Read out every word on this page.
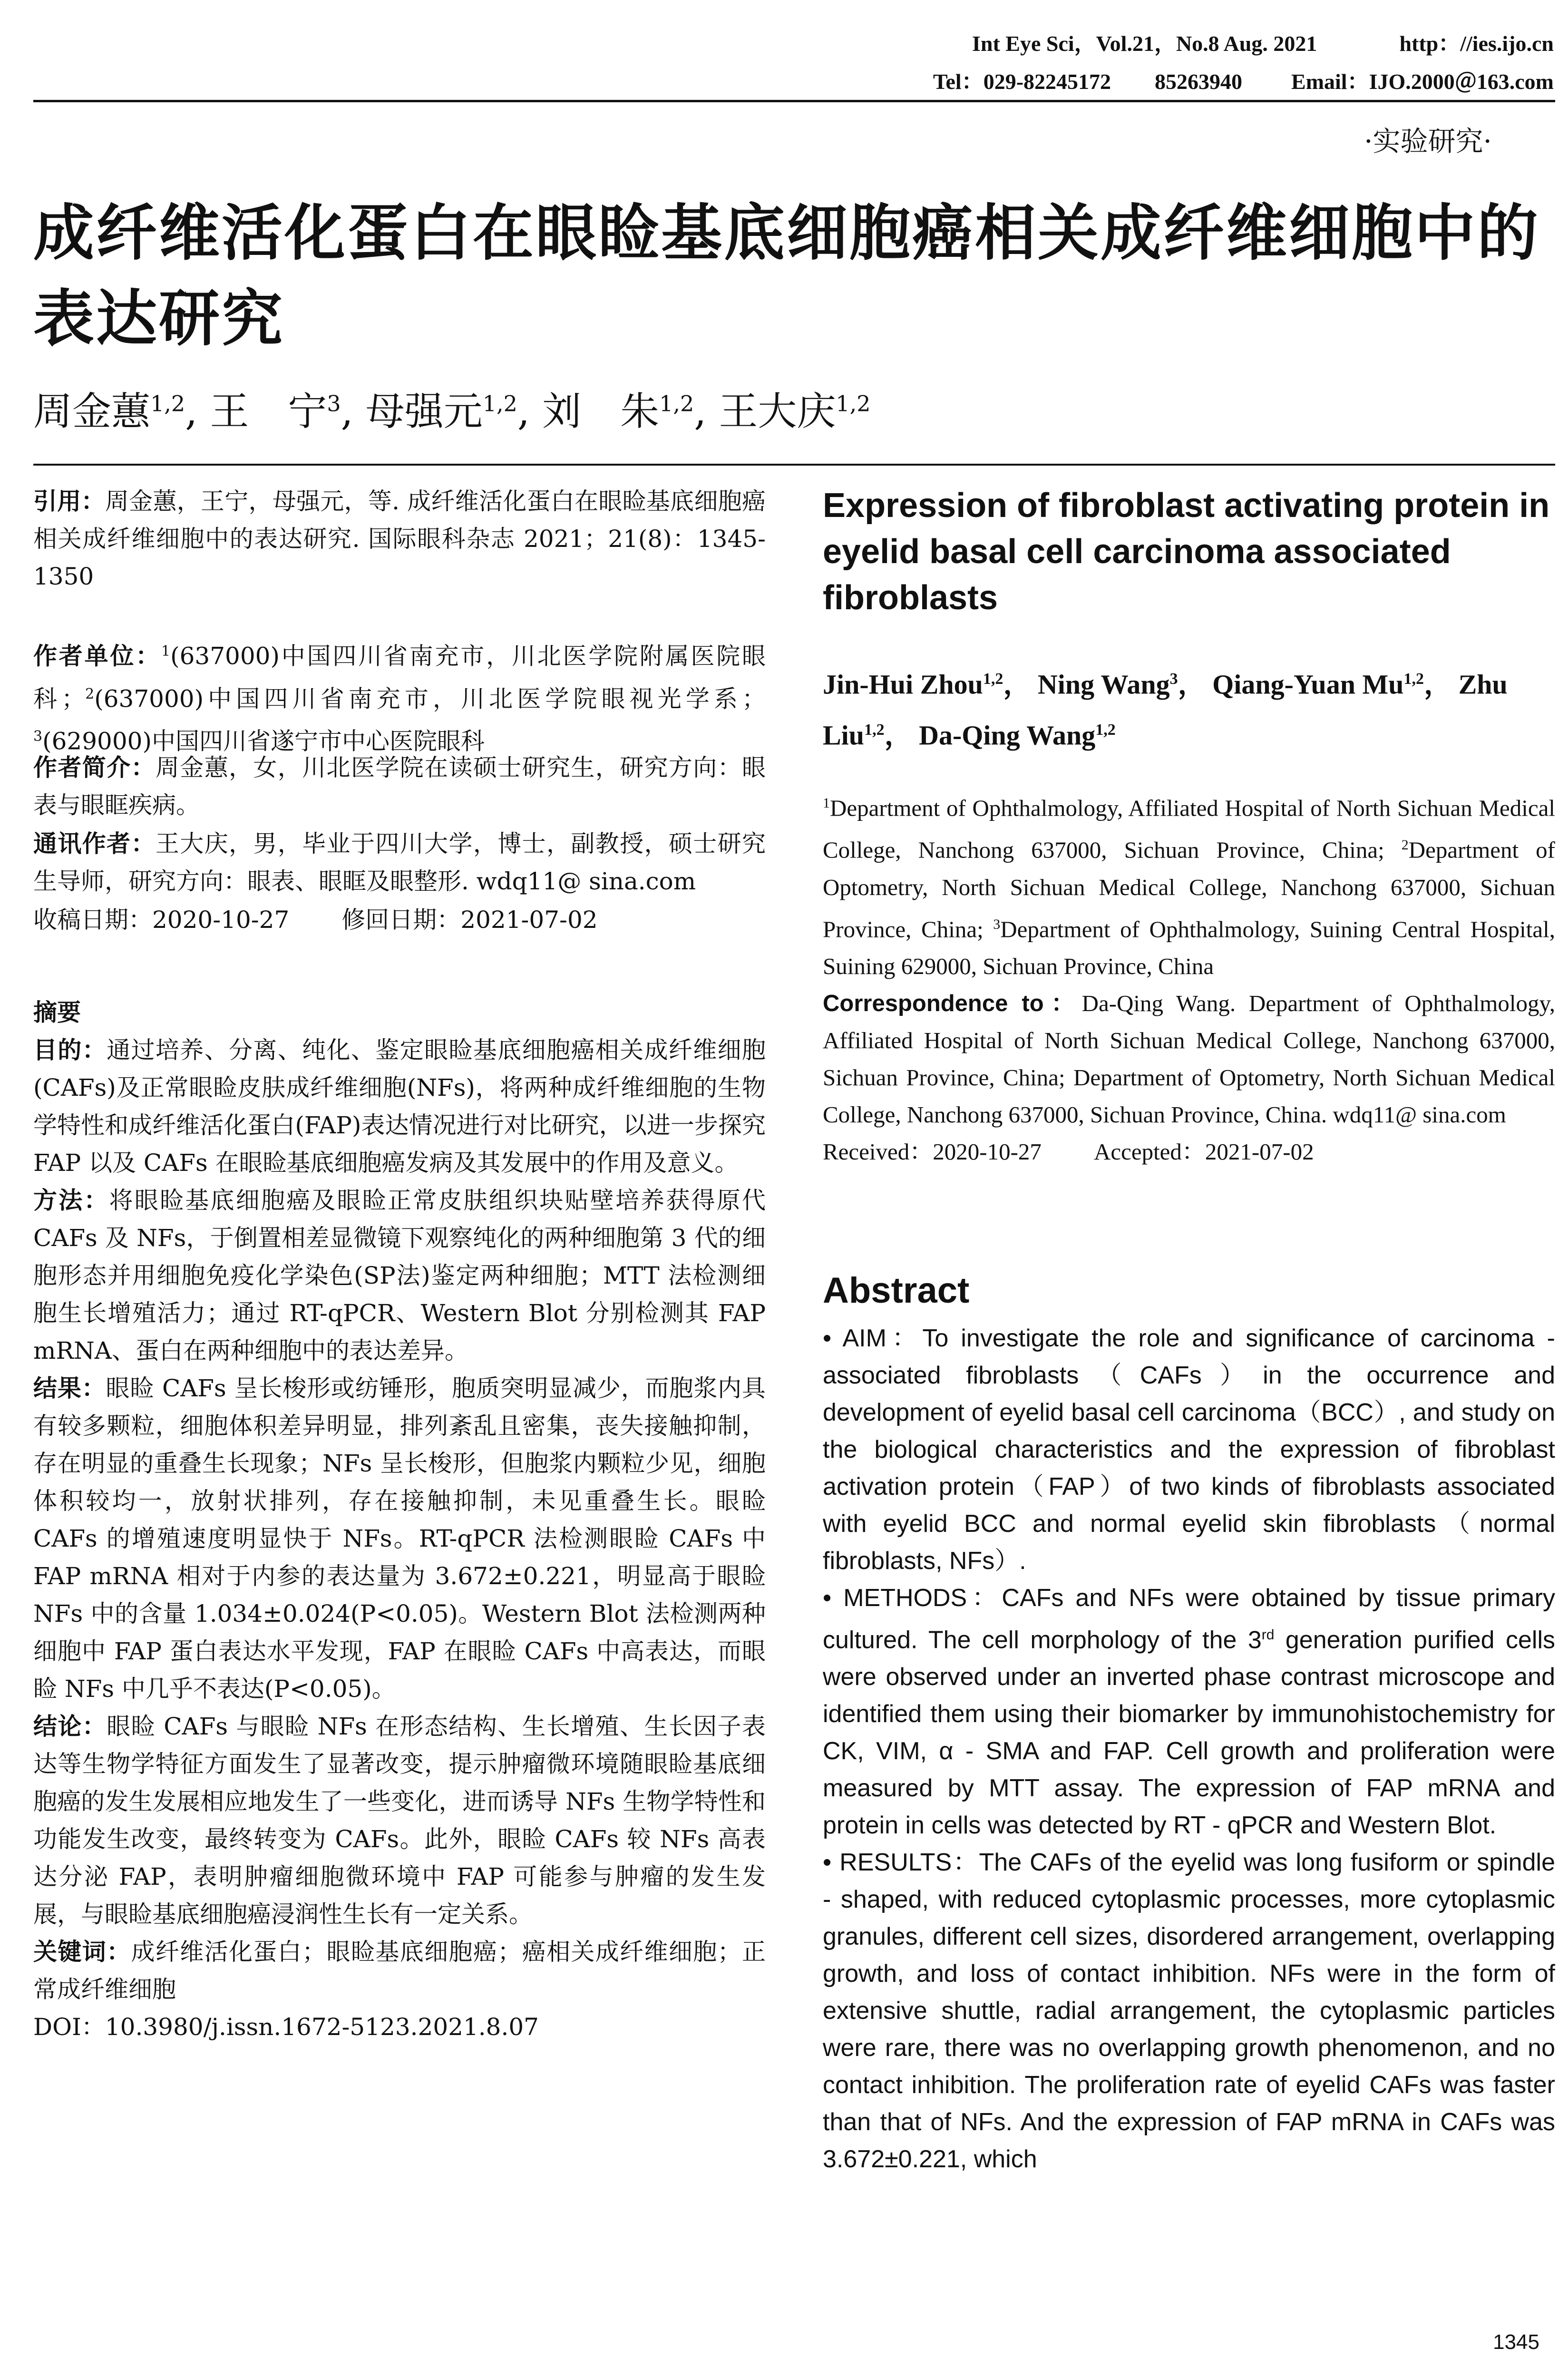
Int Eye Sci，Vol.21，No.8 Aug. 2021	http：//ies.ijo.cn
Tel：029-82245172　　85263940 Email：IJO.2000＠163.com
·实验研究·
成纤维活化蛋白在眼睑基底细胞癌相关成纤维细胞中的表达研究
周金蕙$^{1,2}$, 王　宁$^3$, 母强元$^{1,2}$, 刘　朱$^{1,2}$, 王大庆$^{1,2}$
引用：周金蕙，王宁，母强元，等. 成纤维活化蛋白在眼睑基底细胞癌相关成纤维细胞中的表达研究. 国际眼科杂志 2021；21(8)：1345-1350
作者单位：$^1$(637000)中国四川省南充市，川北医学院附属医院眼科；$^2$(637000)中国四川省南充市，川北医学院眼视光学系；$^3$(629000)中国四川省遂宁市中心医院眼科
作者简介：周金蕙，女，川北医学院在读硕士研究生，研究方向：眼表与眼眶疾病。
通讯作者：王大庆，男，毕业于四川大学，博士，副教授，硕士研究生导师，研究方向：眼表、眼眶及眼整形. wdq11@ sina.com
收稿日期：2020-10-27 修回日期：2021-07-02
摘要

目的：通过培养、分离、纯化、鉴定眼睑基底细胞癌相关成纤维细胞(CAFs)及正常眼睑皮肤成纤维细胞(NFs)，将两种成纤维细胞的生物学特性和成纤维活化蛋白(FAP)表达情况进行对比研究，以进一步探究 FAP 以及 CAFs 在眼睑基底细胞癌发病及其发展中的作用及意义。

方法：将眼睑基底细胞癌及眼睑正常皮肤组织块贴壁培养获得原代 CAFs 及 NFs，于倒置相差显微镜下观察纯化的两种细胞第 3 代的细胞形态并用细胞免疫化学染色(SP法)鉴定两种细胞；MTT 法检测细胞生长增殖活力；通过 RT-qPCR、Western Blot 分别检测其 FAP mRNA、蛋白在两种细胞中的表达差异。

结果：眼睑 CAFs 呈长梭形或纺锤形，胞质突明显减少，而胞浆内具有较多颗粒，细胞体积差异明显，排列紊乱且密集，丧失接触抑制，存在明显的重叠生长现象；NFs 呈长梭形，但胞浆内颗粒少见，细胞体积较均一，放射状排列，存在接触抑制，未见重叠生长。眼睑 CAFs 的增殖速度明显快于 NFs。RT-qPCR 法检测眼睑 CAFs 中 FAP mRNA 相对于内参的表达量为 3.672±0.221，明显高于眼睑 NFs 中的含量 1.034±0.024(P<0.05)。Western Blot 法检测两种细胞中 FAP 蛋白表达水平发现，FAP 在眼睑 CAFs 中高表达，而眼睑 NFs 中几乎不表达(P<0.05)。

结论：眼睑 CAFs 与眼睑 NFs 在形态结构、生长增殖、生长因子表达等生物学特征方面发生了显著改变，提示肿瘤微环境随眼睑基底细胞癌的发生发展相应地发生了一些变化，进而诱导 NFs 生物学特性和功能发生改变，最终转变为 CAFs。此外，眼睑 CAFs 较 NFs 高表达分泌 FAP，表明肿瘤细胞微环境中 FAP 可能参与肿瘤的发生发展，与眼睑基底细胞癌浸润性生长有一定关系。

关键词：成纤维活化蛋白；眼睑基底细胞癌；癌相关成纤维细胞；正常成纤维细胞

DOI：10.3980/j.issn.1672-5123.2021.8.07

Expression of fibroblast activating protein in eyelid basal cell carcinoma associated fibroblasts
Jin-Hui Zhou$^{1,2}$， Ning Wang$^3$， Qiang-Yuan Mu$^{1,2}$， Zhu Liu$^{1,2}$， Da-Qing Wang$^{1,2}$

$^1$Department of Ophthalmology, Affiliated Hospital of North Sichuan Medical College, Nanchong 637000, Sichuan Province, China; $^2$Department of Optometry, North Sichuan Medical College, Nanchong 637000, Sichuan Province, China; $^3$Department of Ophthalmology, Suining Central Hospital, Suining 629000, Sichuan Province, China

Correspondence to：Da-Qing Wang. Department of Ophthalmology, Affiliated Hospital of North Sichuan Medical College, Nanchong 637000, Sichuan Province, China; Department of Optometry, North Sichuan Medical College, Nanchong 637000, Sichuan Province, China. wdq11@ sina.com

Received：2020-10-27 Accepted：2021-07-02

Abstract

• AIM：To investigate the role and significance of carcinoma - associated fibroblasts（CAFs）in the occurrence and development of eyelid basal cell carcinoma（BCC）, and study on the biological characteristics and the expression of fibroblast activation protein（FAP）of two kinds of fibroblasts associated with eyelid BCC and normal eyelid skin fibroblasts（normal fibroblasts, NFs）.

• METHODS：CAFs and NFs were obtained by tissue primary cultured. The cell morphology of the 3rd generation purified cells were observed under an inverted phase contrast microscope and identified them using their biomarker by immunohistochemistry for CK, VIM, α - SMA and FAP. Cell growth and proliferation were measured by MTT assay. The expression of FAP mRNA and protein in cells was detected by RT - qPCR and Western Blot.

• RESULTS：The CAFs of the eyelid was long fusiform or spindle - shaped, with reduced cytoplasmic processes, more cytoplasmic granules, different cell sizes, disordered arrangement, overlapping growth, and loss of contact inhibition. NFs were in the form of extensive shuttle, radial arrangement, the cytoplasmic particles were rare, there was no overlapping growth phenomenon, and no contact inhibition. The proliferation rate of eyelid CAFs was faster than that of NFs. And the expression of FAP mRNA in CAFs was 3.672±0.221, which

1345
